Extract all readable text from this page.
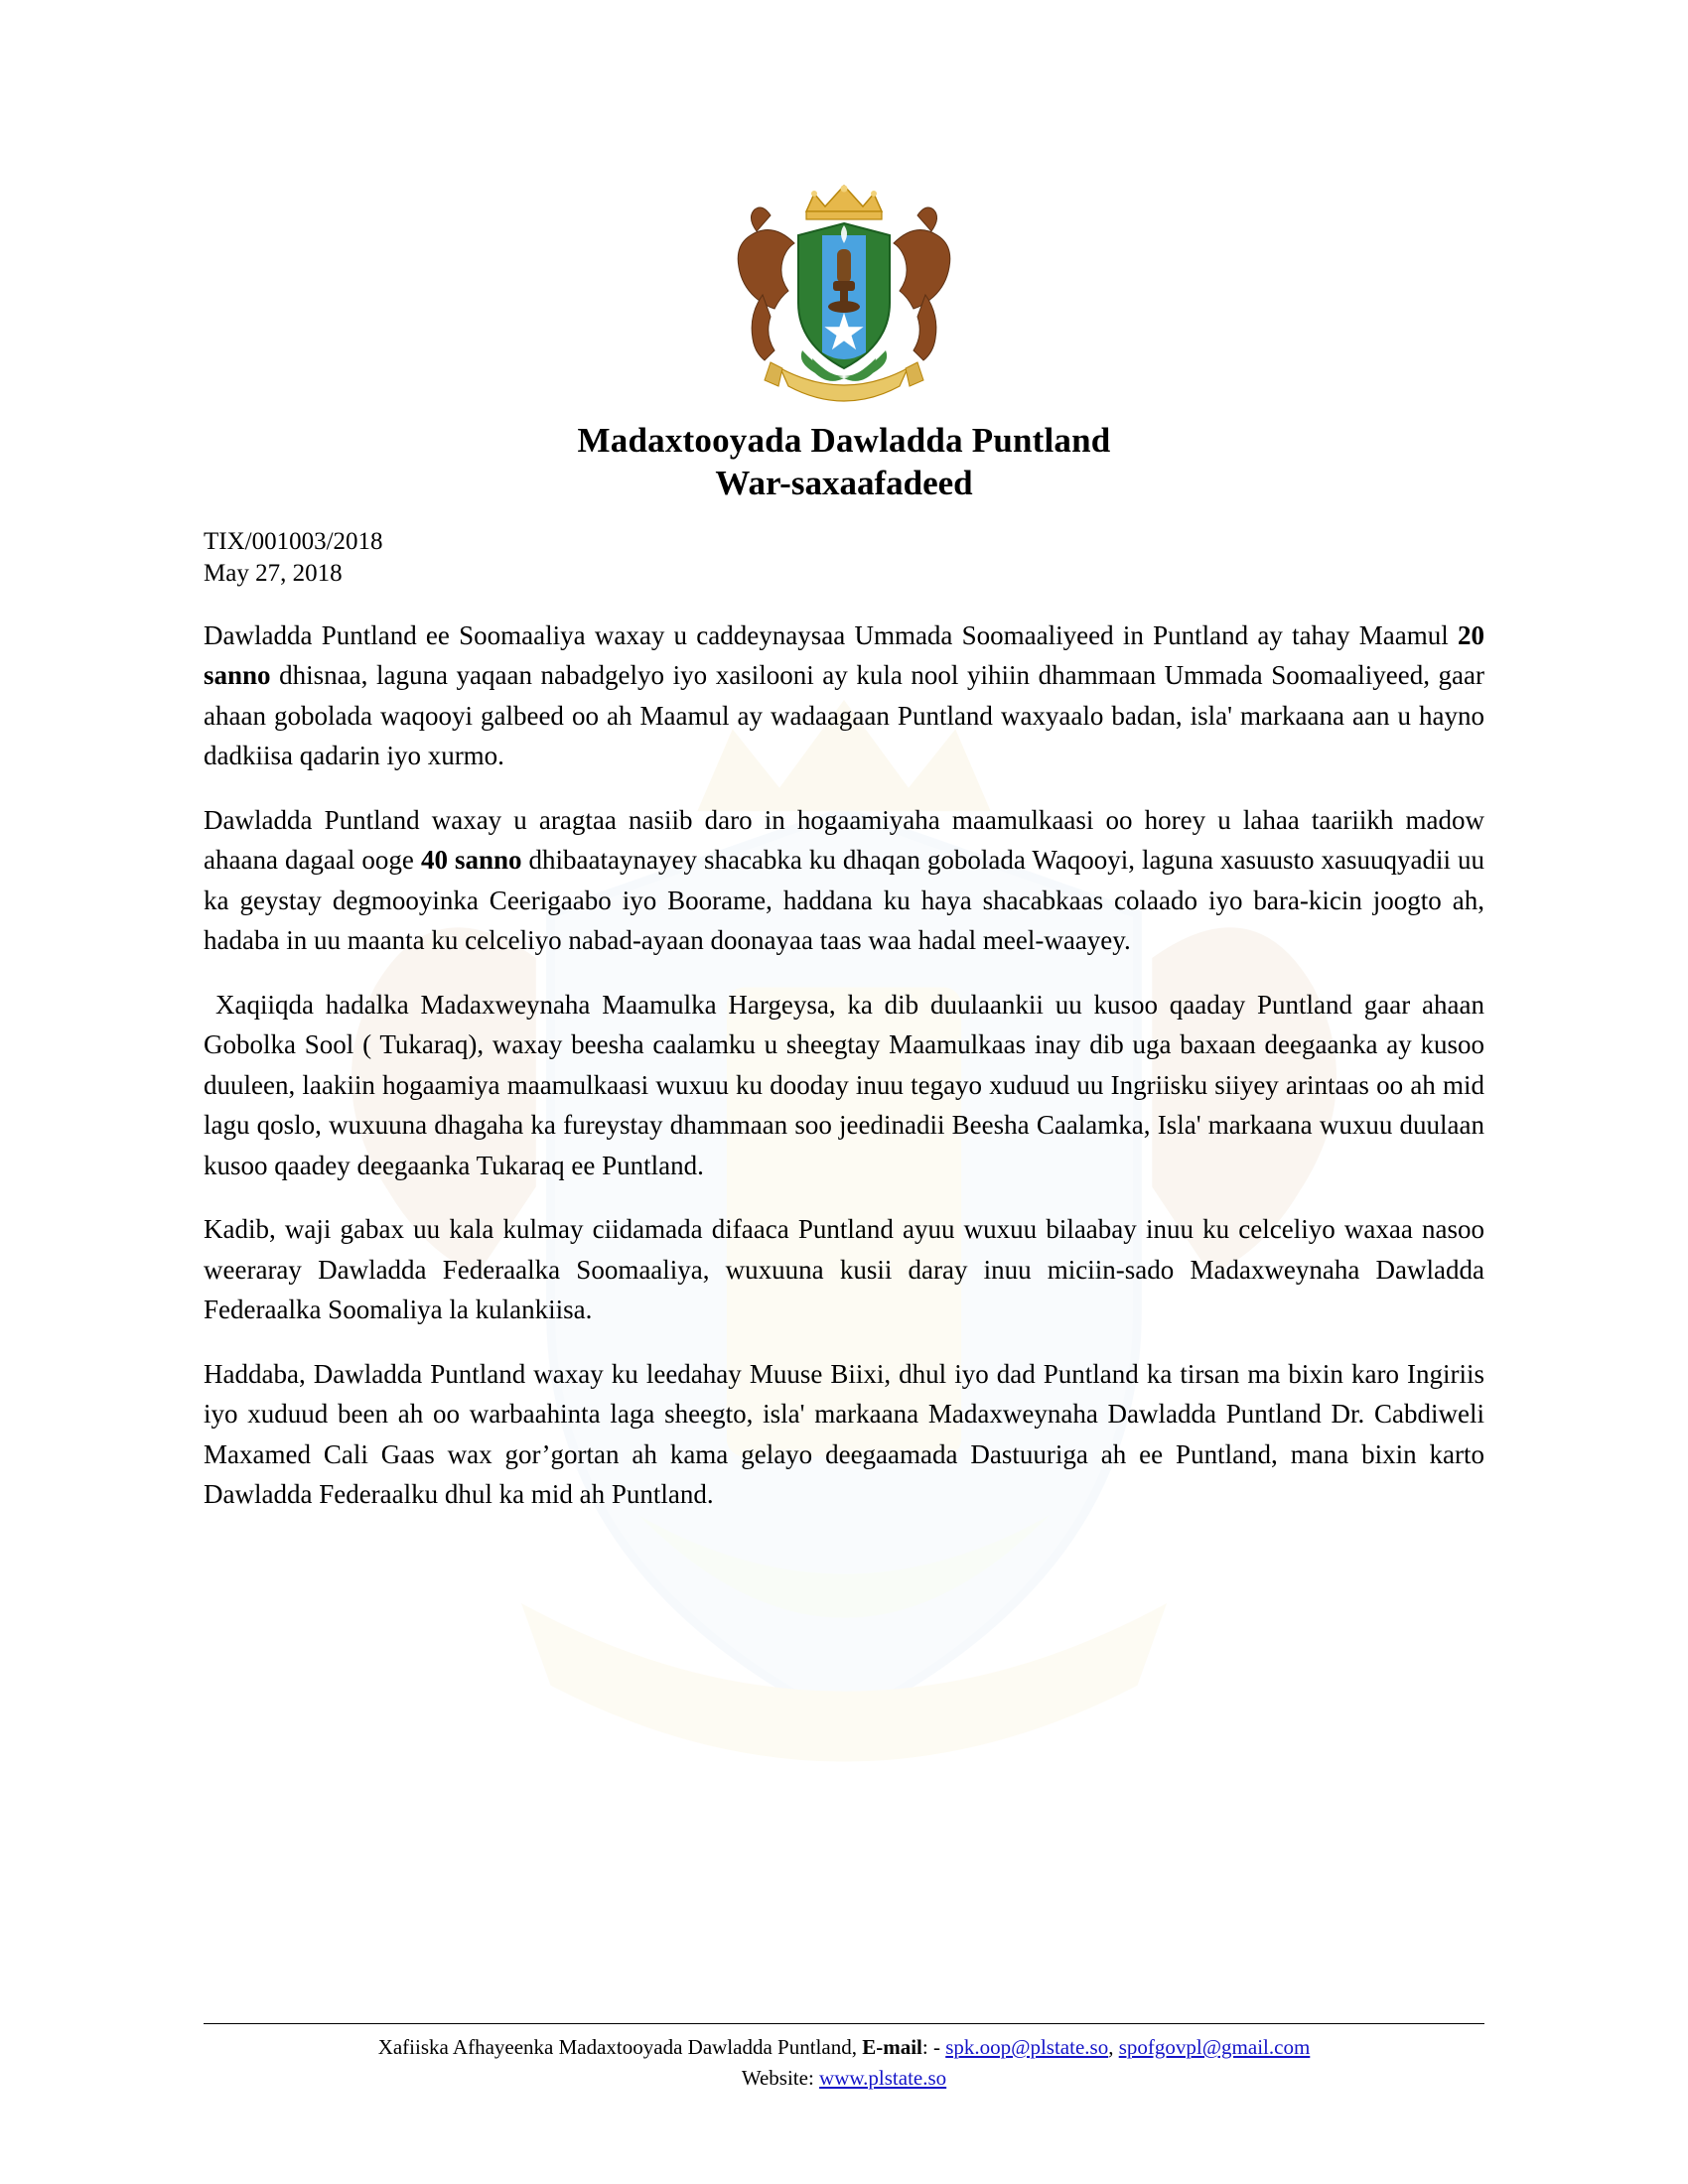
Madaxtooyada Dawladda Puntland
War-saxaafadeed
TIX/001003/2018
May 27, 2018

Dawladda Puntland ee Soomaaliya waxay u caddeynaysaa Ummada Soomaaliyeed in Puntland ay tahay Maamul 20 sanno dhisnaa, laguna yaqaan nabadgelyo iyo xasilooni ay kula nool yihiin dhammaan Ummada Soomaaliyeed, gaar ahaan gobolada waqooyi galbeed oo ah Maamul ay wadaagaan Puntland waxyaalo badan, isla' markaana aan u hayno dadkiisa qadarin iyo xurmo.

Dawladda Puntland waxay u aragtaa nasiib daro in hogaamiyaha maamulkaasi oo horey u lahaa taariikh madow ahaana dagaal ooge 40 sanno dhibaataynayey shacabka ku dhaqan gobolada Waqooyi, laguna xasuusto xasuuqyadii uu ka geystay degmooyinka Ceerigaabo iyo Boorame, haddana ku haya shacabkaas colaado iyo bara-kicin joogto ah, hadaba in uu maanta ku celceliyo nabad-ayaan doonayaa taas waa hadal meel-waayey.

Xaqiiqda hadalka Madaxweynaha Maamulka Hargeysa, ka dib duulaankii uu kusoo qaaday Puntland gaar ahaan Gobolka Sool ( Tukaraq), waxay beesha caalamku u sheegtay Maamulkaas inay dib uga baxaan deegaanka ay kusoo duuleen, laakiin hogaamiya maamulkaasi wuxuu ku dooday inuu tegayo xuduud uu Ingriisku siiyey arintaas oo ah mid lagu qoslo, wuxuuna dhagaha ka fureystay dhammaan soo jeedinadii Beesha Caalamka, Isla' markaana wuxuu duulaan kusoo qaadey deegaanka Tukaraq ee Puntland.

Kadib, waji gabax uu kala kulmay ciidamada difaaca Puntland ayuu wuxuu bilaabay inuu ku celceliyo waxaa nasoo weeraray Dawladda Federaalka Soomaaliya, wuxuuna kusii daray inuu miciin-sado Madaxweynaha Dawladda Federaalka Soomaliya la kulankiisa.

Haddaba, Dawladda Puntland waxay ku leedahay Muuse Biixi, dhul iyo dad Puntland ka tirsan ma bixin karo Ingiriis iyo xuduud been ah oo warbaahinta laga sheegto, isla' markaana Madaxweynaha Dawladda Puntland Dr. Cabdiweli Maxamed Cali Gaas wax gor’gortan ah kama gelayo deegaamada Dastuuriga ah ee Puntland, mana bixin karto Dawladda Federaalku dhul ka mid ah Puntland.

Xafiiska Afhayeenka Madaxtooyada Dawladda Puntland, E-mail: - spk.oop@plstate.so, spofgovpl@gmail.com
Website: www.plstate.so
